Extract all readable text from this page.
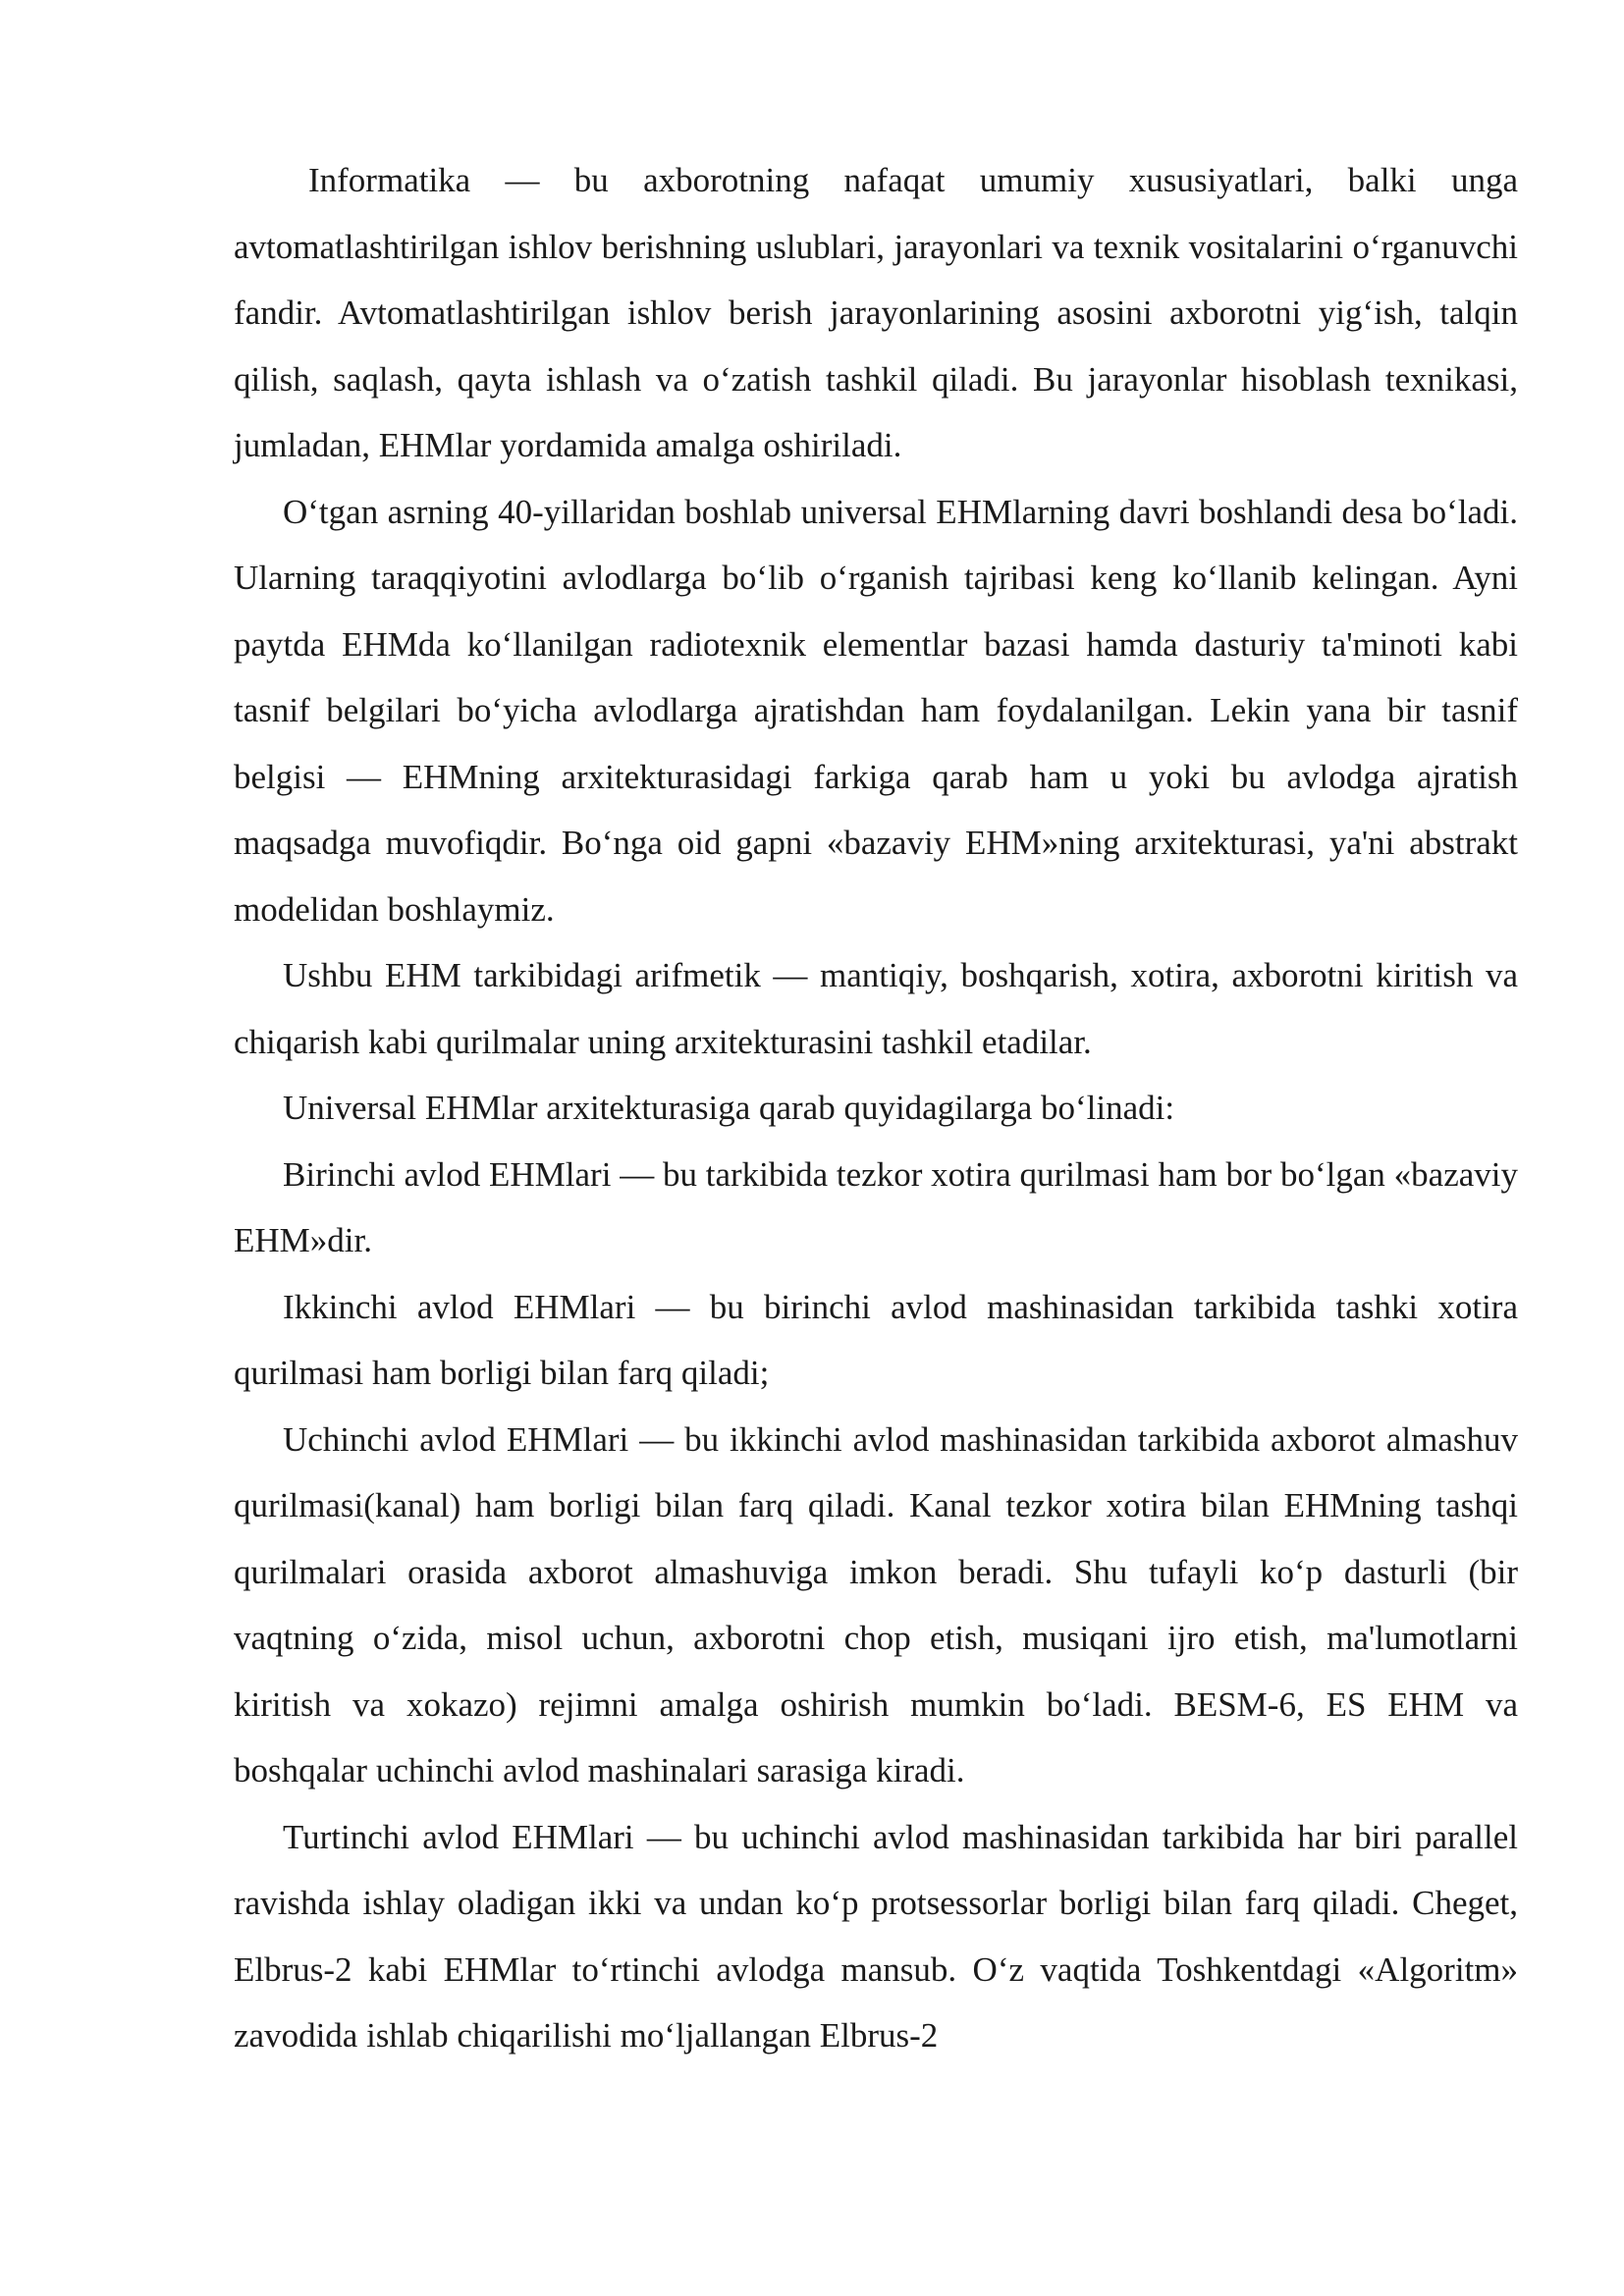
Informatika — bu axborotning nafaqat umumiy xususiyatlari, balki unga avtomatlashtirilgan ishlov berishning uslublari, jarayonlari va texnik vositalarini o‘rganuvchi fandir. Avtomatlashtirilgan ishlov berish jarayonlarining asosini axborotni yig‘ish, talqin qilish, saqlash, qayta ishlash va o‘zatish tashkil qiladi. Bu jarayonlar hisoblash texnikasi, jumladan, EHMlar yordamida amalga oshiriladi.

O‘tgan asrning 40-yillaridan boshlab universal EHMlarning davri boshlandi desa bo‘ladi. Ularning taraqqiyotini avlodlarga bo‘lib o‘rganish tajribasi keng ko‘llanib kelingan. Ayni paytda EHMda ko‘llanilgan radiotexnik elementlar bazasi hamda dasturiy ta'minoti kabi tasnif belgilari bo‘yicha avlodlarga ajratishdan ham foydalanilgan. Lekin yana bir tasnif belgisi — EHMning arxitekturasidagi farkiga qarab ham u yoki bu avlodga ajratish maqsadga muvofiqdir. Bo‘nga oid gapni «bazaviy EHM»ning arxitekturasi, ya'ni abstrakt modelidan boshlaymiz.

Ushbu EHM tarkibidagi arifmetik — mantiqiy, boshqarish, xotira, axborotni kiritish va chiqarish kabi qurilmalar uning arxitekturasini tashkil etadilar.

Universal EHMlar arxitekturasiga qarab quyidagilarga bo‘linadi:

Birinchi avlod EHMlari — bu tarkibida tezkor xotira qurilmasi ham bor bo‘lgan «bazaviy EHM»dir.

Ikkinchi avlod EHMlari — bu birinchi avlod mashinasidan tarkibida tashki xotira qurilmasi ham borligi bilan farq qiladi;

Uchinchi avlod EHMlari — bu ikkinchi avlod mashinasidan tarkibida axborot almashuv qurilmasi(kanal) ham borligi bilan farq qiladi. Kanal tezkor xotira bilan EHMning tashqi qurilmalari orasida axborot almashuviga imkon beradi. Shu tufayli ko‘p dasturli (bir vaqtning o‘zida, misol uchun, axborotni chop etish, musiqani ijro etish, ma'lumotlarni kiritish va xokazo) rejimni amalga oshirish mumkin bo‘ladi. BESM-6, ES EHM va boshqalar uchinchi avlod mashinalari sarasiga kiradi.

Turtinchi avlod EHMlari — bu uchinchi avlod mashinasidan tarkibida har biri parallel ravishda ishlay oladigan ikki va undan ko‘p protsessorlar borligi bilan farq qiladi. Cheget, Elbrus-2 kabi EHMlar to‘rtinchi avlodga mansub. O‘z vaqtida Toshkentdagi «Algoritm» zavodida ishlab chiqarilishi mo‘ljallangan Elbrus-2
